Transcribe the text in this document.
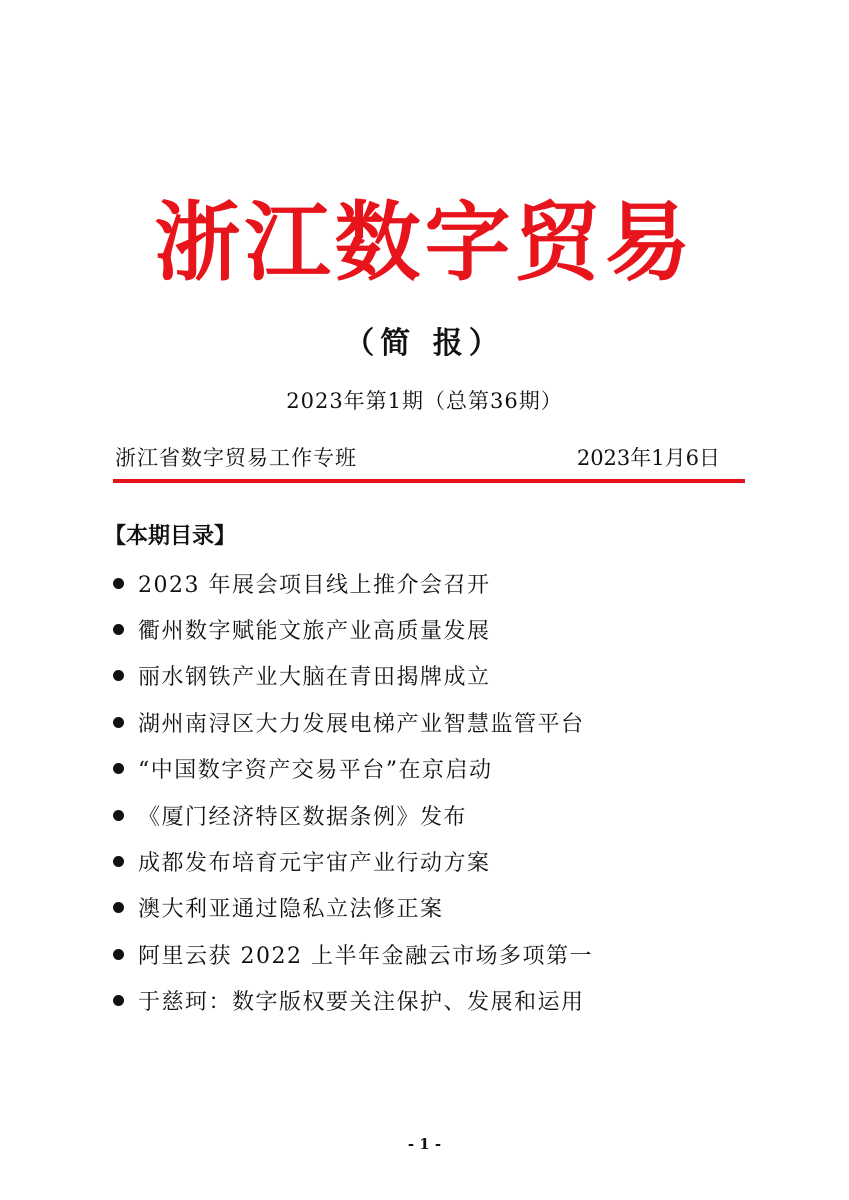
浙江数字贸易
（简 报）
2023年第1期（总第36期）
浙江省数字贸易工作专班	2023年1月6日
【本期目录】
2023 年展会项目线上推介会召开
衢州数字赋能文旅产业高质量发展
丽水钢铁产业大脑在青田揭牌成立
湖州南浔区大力发展电梯产业智慧监管平台
“中国数字资产交易平台”在京启动
《厦门经济特区数据条例》发布
成都发布培育元宇宙产业行动方案
澳大利亚通过隐私立法修正案
阿里云获 2022 上半年金融云市场多项第一
于慈珂：数字版权要关注保护、发展和运用
- 1 -
